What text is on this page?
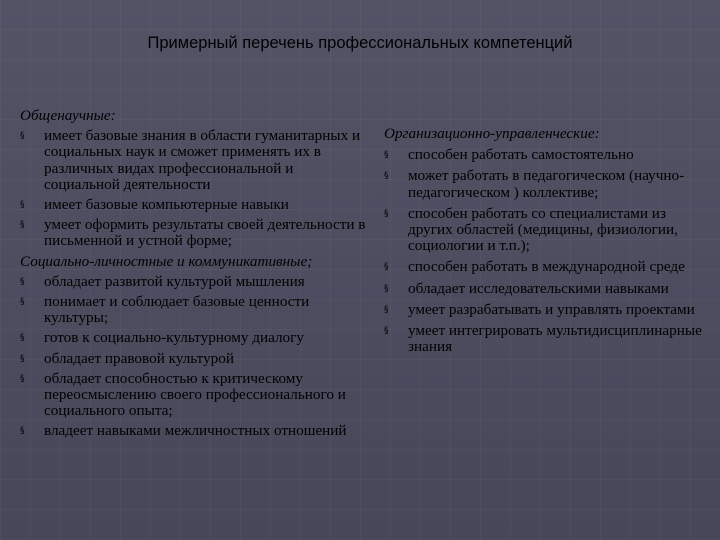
Примерный перечень профессиональных компетенций

Общенаучные:

§ имеет базовые знания в области гуманитарных и социальных наук и сможет применять их в различных видах профессиональной и социальной деятельности
§ имеет базовые компьютерные навыки
§ умеет оформить результаты своей деятельности в письменной и устной форме;

Социально-личностные и коммуникативные;

§ обладает развитой культурой мышления
§ понимает и соблюдает базовые ценности культуры;
§ готов к социально-культурному диалогу
§ обладает правовой культурой
§ обладает способностью к критическому переосмыслению своего профессионального и социального опыта;
§ владеет навыками межличностных отношений

Организационно-управленческие:

§ способен работать самостоятельно
§ может работать в педагогическом (научно-педагогическом ) коллективе;
§ способен работать со специалистами из других областей (медицины, физиологии, социологии и т.п.);
§ способен работать в международной среде
§ обладает исследовательскими навыками
§ умеет разрабатывать и управлять проектами
§ умеет интегрировать мультидисциплинарные знания
